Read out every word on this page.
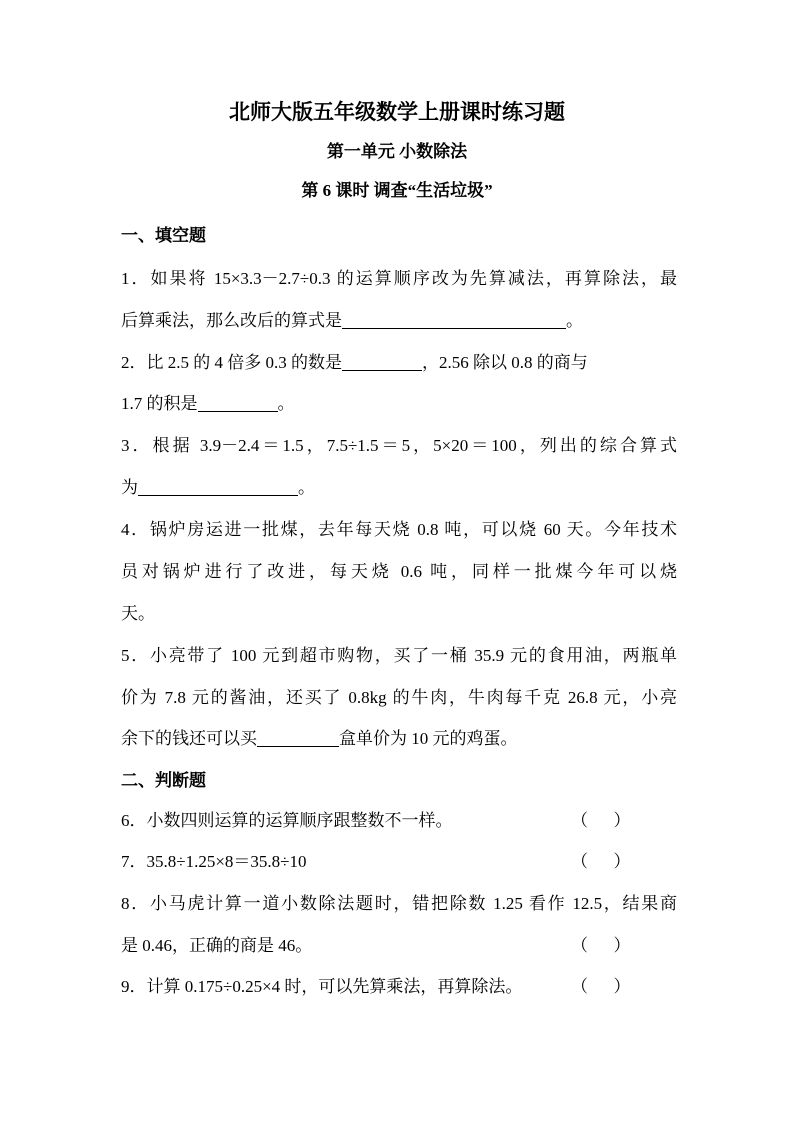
北师大版五年级数学上册课时练习题
第一单元 小数除法
第 6 课时 调查“生活垃圾”
一、填空题
1．如果将 15×3.3－2.7÷0.3 的运算顺序改为先算减法，再算除法，最
后算乘法，那么改后的算式是	。
2．比 2.5 的 4 倍多 0.3 的数是	，2.56 除以 0.8 的商与
1.7 的积是	。
3．根据 3.9－2.4＝1.5，7.5÷1.5＝5，5×20＝100，列出的综合算式
为	。
4．锅炉房运进一批煤，去年每天烧 0.8 吨，可以烧 60 天。今年技术
员对锅炉进行了改进，每天烧 0.6 吨，同样一批煤今年可以烧
天。
5．小亮带了 100 元到超市购物，买了一桶 35.9 元的食用油，两瓶单
价为 7.8 元的酱油，还买了 0.8kg 的牛肉，牛肉每千克 26.8 元，小亮
余下的钱还可以买	盒单价为 10 元的鸡蛋。
二、判断题
6．小数四则运算的运算顺序跟整数不一样。	（      ）
7．35.8÷1.25×8＝35.8÷10	（      ）
8．小马虎计算一道小数除法题时，错把除数 1.25 看作 12.5，结果商
是 0.46，正确的商是 46。	（      ）
9．计算 0.175÷0.25×4 时，可以先算乘法，再算除法。	（      ）
